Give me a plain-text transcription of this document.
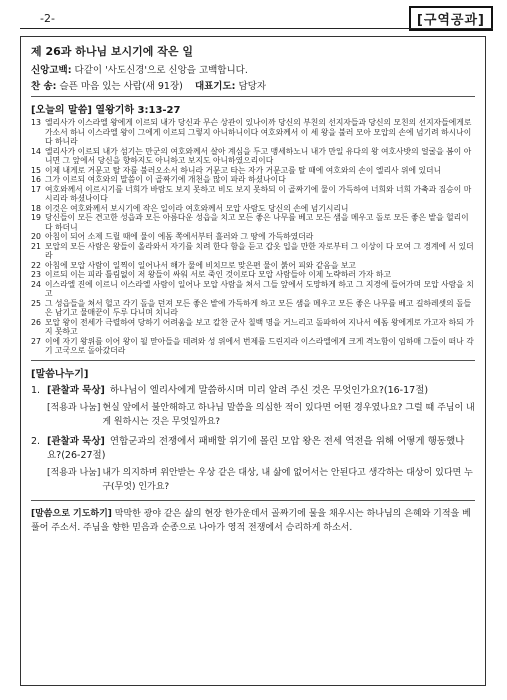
-2-	[구역공과]
제 26과 하나님 보시기에 작은 일
신앙고백: 다같이 '사도신경'으로 신앙을 고백합니다.
찬 송: 슬픈 마음 있는 사람(새 91장) 대표기도: 담당자
[오늘의 말씀] 열왕기하 3:13-27
13 엘리사가 이스라엘 왕에게 이르되 내가 당신과 무슨 상관이 있나이까 당신의 부친의 선지자들과 당신의 모친의 선지자들에게로 가소서 하니 이스라엘 왕이 그에게 이르되 그렇지 아니하니이다 여호와께서 이 세 왕을 불러 모아 모압의 손에 넘기려 하시나이다 하니라
14 엘리사가 이르되 내가 섬기는 만군의 여호와께서 살아 계심을 두고 맹세하노니 내가 만일 유다의 왕 여호사밧의 얼굴을 봄이 아니면 그 앞에서 당신을 향하지도 아니하고 보지도 아니하였으리이다
15 이제 내게로 거문고 탈 자를 불러오소서 하니라 거문고 타는 자가 거문고를 탈 때에 여호와의 손이 엘리사 위에 있더니
16 그가 이르되 여호와의 말씀이 이 골짜기에 개천을 많이 파라 하셨나이다
17 여호와께서 이르시기를 너희가 바람도 보지 못하고 비도 보지 못하되 이 골짜기에 물이 가득하여 너희와 너희 가축과 짐승이 마시리라 하셨나이다
18 이것은 여호와께서 보시기에 작은 일이라 여호와께서 모압 사람도 당신의 손에 넘기시리니
19 당신들이 모든 견고한 성읍과 모든 아름다운 성읍을 치고 모든 좋은 나무를 베고 모든 샘을 메우고 돌로 모든 좋은 밭을 헐리이다 하더니
20 아침이 되어 소제 드릴 때에 물이 에돔 쪽에서부터 흘러와 그 땅에 가득하였더라
21 모압의 모든 사람은 왕들이 올라와서 자기를 치려 한다 함을 듣고 갑옷 입을 만한 자로부터 그 이상이 다 모여 그 경계에 서 있더라
22 아침에 모압 사람이 일찍이 일어나서 해가 물에 비치므로 맞은편 물이 붉어 피와 같음을 보고
23 이르되 이는 피라 틀림없이 저 왕들이 싸워 서로 죽인 것이로다 모압 사람들아 이제 노략하러 가자 하고
24 이스라엘 진에 이르니 이스라엘 사람이 일어나 모압 사람을 쳐서 그들 앞에서 도망하게 하고 그 지경에 들어가며 모압 사람을 치고
25 그 성읍들을 쳐서 헐고 각기 돌을 던져 모든 좋은 밭에 가득하게 하고 모든 샘을 메우고 모든 좋은 나무를 베고 길하레셋의 돌들은 남기고 물매꾼이 두루 다니며 치니라
26 모압 왕이 전세가 극렬하여 당하기 어려움을 보고 칼찬 군사 칠백 명을 거느리고 돌파하여 지나서 에돔 왕에게로 가고자 하되 가지 못하고
27 이에 자기 왕위를 이어 왕이 될 맏아들을 데려와 성 위에서 번제를 드린지라 이스라엘에게 크게 격노함이 임하매 그들이 떠나 각기 고국으로 돌아갔더라
[말씀나누기]
1. [관찰과 묵상] 하나님이 엘리사에게 말씀하시며 미리 알려 주신 것은 무엇인가요?(16-17절)
[적용과 나눔] 현실 앞에서 불안해하고 하나님 말씀을 의심한 적이 있다면 어떤 경우였나요? 그럴 때 주님이 내게 원하시는 것은 무엇일까요?
2. [관찰과 묵상] 연합군과의 전쟁에서 패배할 위기에 몰린 모압 왕은 전세 역전을 위해 어떻게 행동했나요?(26-27절)
[적용과 나눔] 내가 의지하며 위안받는 우상 같은 대상, 내 삶에 없어서는 안된다고 생각하는 대상이 있다면 누구(무엇) 인가요?
[말씀으로 기도하기] 막막한 광야 같은 삶의 현장 한가운데서 골짜기에 물을 채우시는 하나님의 은혜와 기적을 베풀어 주소서. 주님을 향한 믿음과 순종으로 나아가 영적 전쟁에서 승리하게 하소서.
